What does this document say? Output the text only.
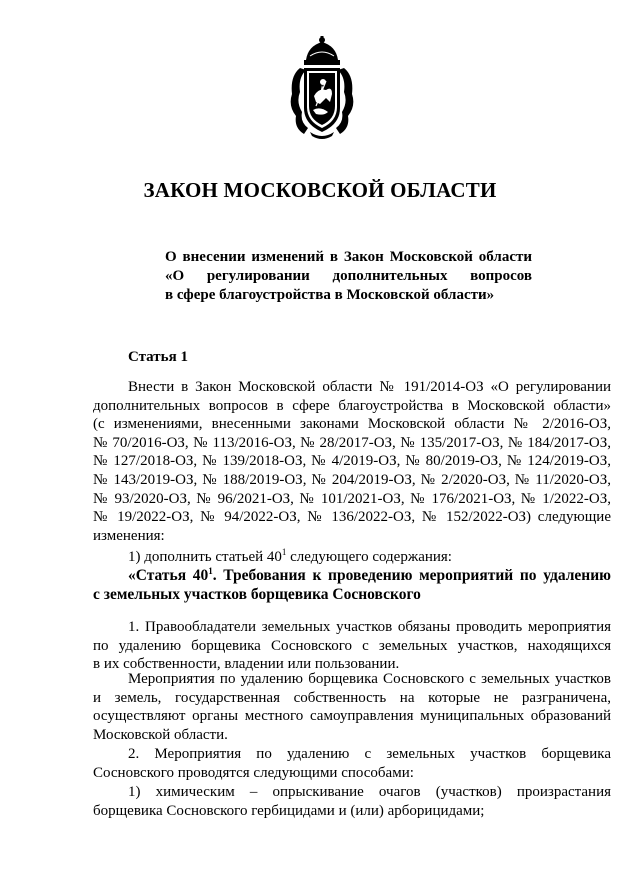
ЗАКОН МОСКОВСКОЙ ОБЛАСТИ
О внесении изменений в Закон Московской области
«О регулировании дополнительных вопросов
в сфере благоустройства в Московской области»
Статья 1
Внести в Закон Московской области № 191/2014-ОЗ «О регулировании
дополнительных вопросов в сфере благоустройства в Московской области»
(с изменениями, внесенными законами Московской области № 2/2016-ОЗ,
№ 70/2016-ОЗ, № 113/2016-ОЗ, № 28/2017-ОЗ, № 135/2017-ОЗ, № 184/2017-ОЗ,
№ 127/2018-ОЗ, № 139/2018-ОЗ, № 4/2019-ОЗ, № 80/2019-ОЗ, № 124/2019-ОЗ,
№ 143/2019-ОЗ, № 188/2019-ОЗ, № 204/2019-ОЗ, № 2/2020-ОЗ, № 11/2020-ОЗ,
№ 93/2020-ОЗ, № 96/2021-ОЗ, № 101/2021-ОЗ, № 176/2021-ОЗ, № 1/2022-ОЗ,
№ 19/2022-ОЗ, № 94/2022-ОЗ, № 136/2022-ОЗ, № 152/2022-ОЗ) следующие
изменения:
1) дополнить статьей $40^1$ следующего содержания:
«Статья $40^1$. Требования к проведению мероприятий по удалению
с земельных участков борщевика Сосновского
1. Правообладатели земельных участков обязаны проводить мероприятия
по удалению борщевика Сосновского с земельных участков, находящихся
в их собственности, владении или пользовании.
Мероприятия по удалению борщевика Сосновского с земельных участков
и земель, государственная собственность на которые не разграничена,
осуществляют органы местного самоуправления муниципальных образований
Московской области.
2. Мероприятия по удалению с земельных участков борщевика
Сосновского проводятся следующими способами:
1) химическим – опрыскивание очагов (участков) произрастания
борщевика Сосновского гербицидами и (или) арборицидами;
